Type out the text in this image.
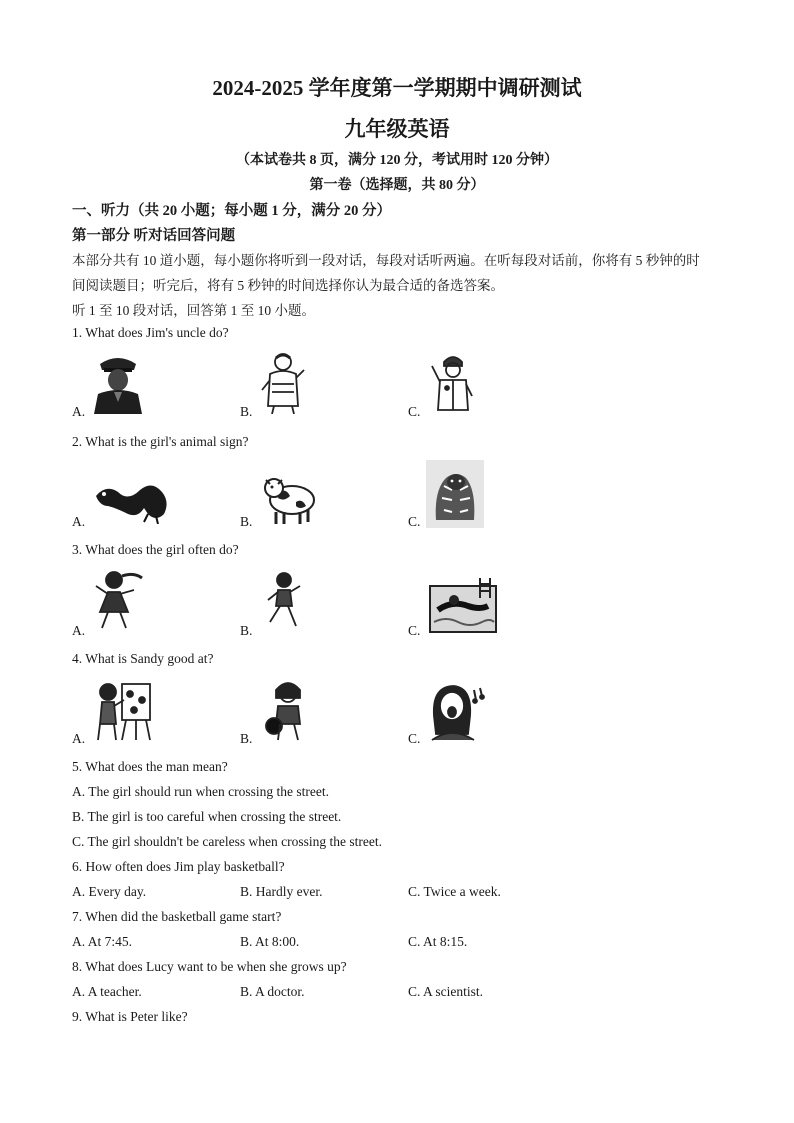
2024-2025 学年度第一学期期中调研测试
九年级英语
（本试卷共 8 页，满分 120 分，考试用时 120 分钟）
第一卷（选择题，共 80 分）
一、听力（共 20 小题；每小题 1 分，满分 20 分）
第一部分 听对话回答问题
本部分共有 10 道小题，每小题你将听到一段对话，每段对话听两遍。在听每段对话前，你将有 5 秒钟的时
间阅读题目；听完后，将有 5 秒钟的时间选择你认为最合适的备选答案。
听 1 至 10 段对话，回答第 1 至 10 小题。
1. What does Jim's uncle do?
A.	B.	C.
2. What is the girl's animal sign?
A.	B.	C.
3. What does the girl often do?
A.	B.	C.
4. What is Sandy good at?
A.	B.	C.
5. What does the man mean?
A. The girl should run when crossing the street.
B. The girl is too careful when crossing the street.
C. The girl shouldn't be careless when crossing the street.
6. How often does Jim play basketball?
A. Every day.	B. Hardly ever.	C. Twice a week.
7. When did the basketball game start?
A. At 7:45.	B. At 8:00.	C. At 8:15.
8. What does Lucy want to be when she grows up?
A. A teacher.	B. A doctor.	C. A scientist.
9. What is Peter like?
